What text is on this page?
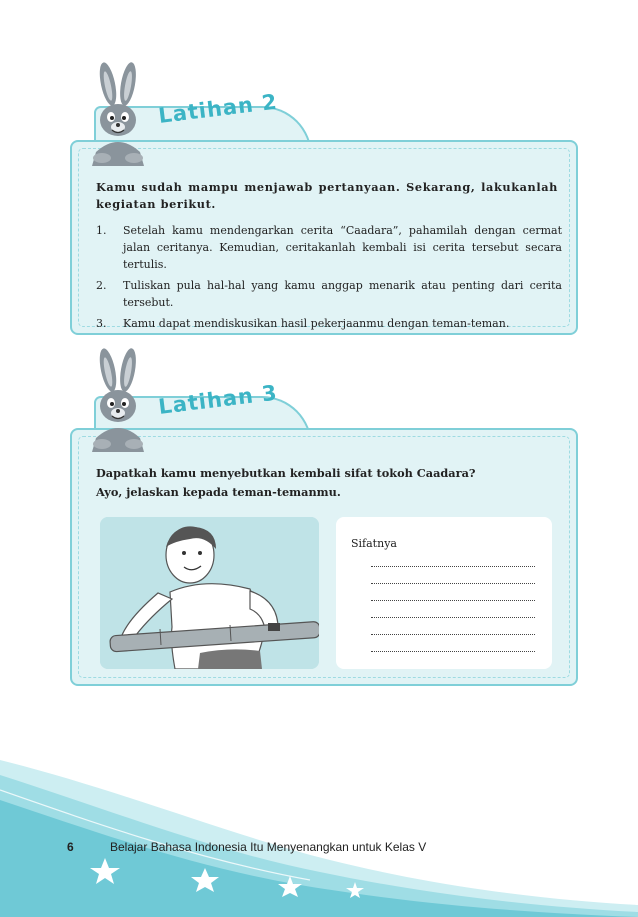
Latihan 2
Kamu sudah mampu menjawab pertanyaan. Sekarang, lakukanlah kegiatan berikut.
1. Setelah kamu mendengarkan cerita “Caadara”, pahamilah dengan cermat jalan ceritanya. Kemudian, ceritakanlah kembali isi cerita tersebut secara tertulis.
2. Tuliskan pula hal-hal yang kamu anggap menarik atau penting dari cerita tersebut.
3. Kamu dapat mendiskusikan hasil pekerjaanmu dengan teman-teman.
Latihan 3
Dapatkah kamu menyebutkan kembali sifat tokoh Caadara?
Ayo, jelaskan kepada teman-temanmu.
Sifatnya
6	Belajar Bahasa Indonesia Itu Menyenangkan untuk Kelas V
